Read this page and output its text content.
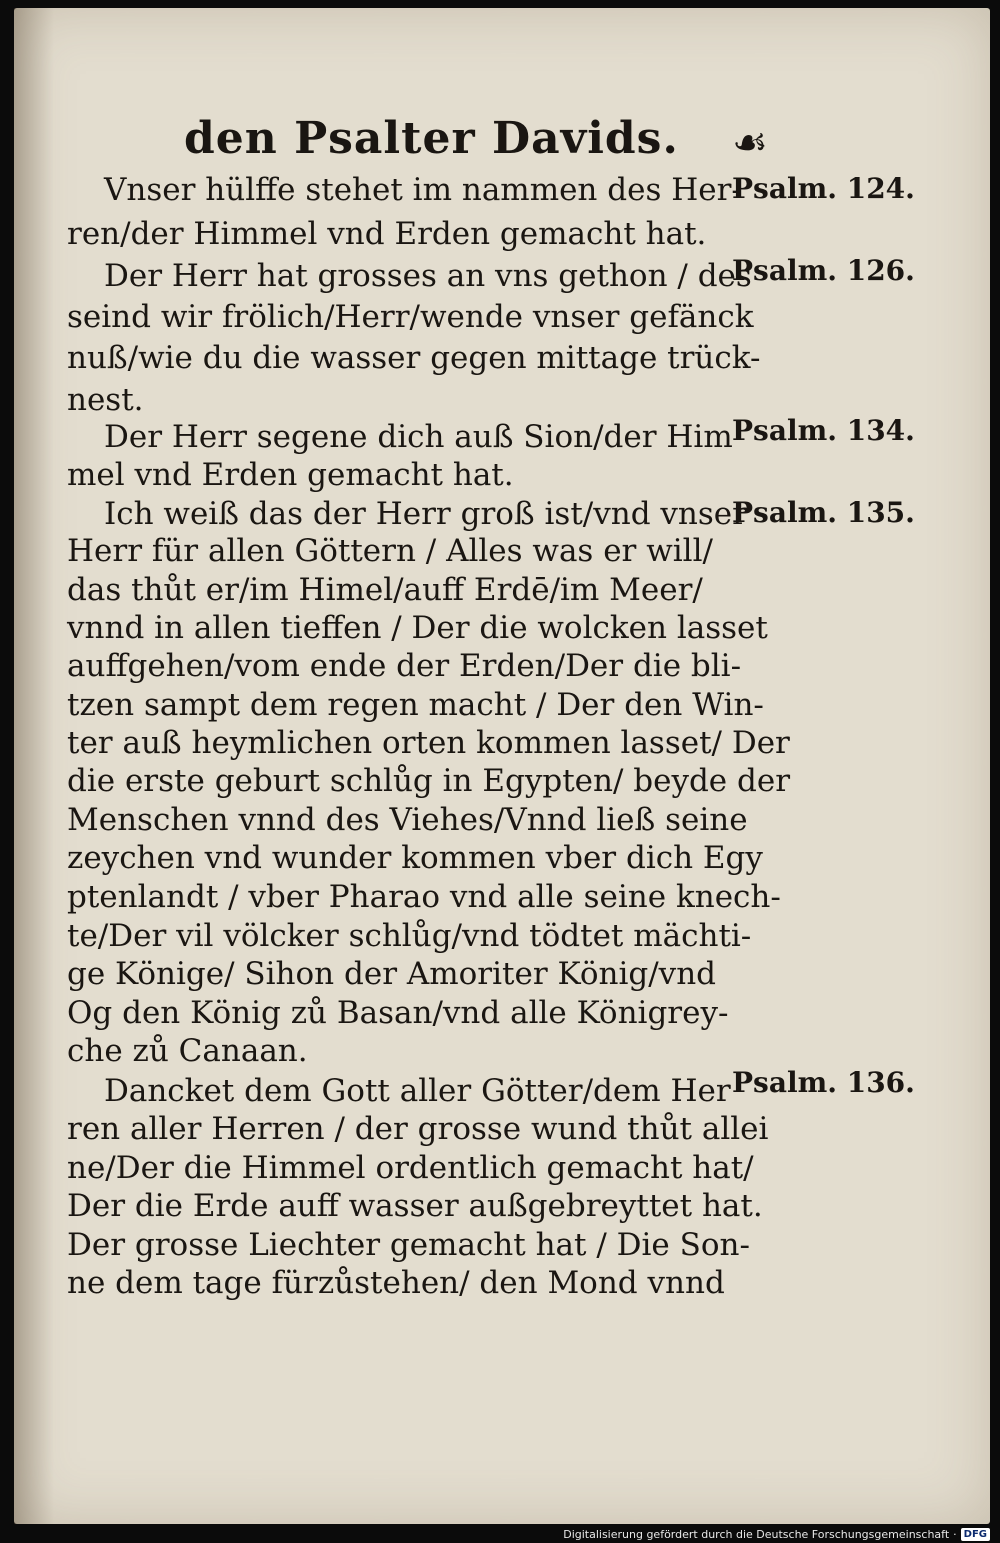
den Psalter Davids. ☙
Vnser hülffe stehet im nammen des Her-
ren/der Himmel vnd Erden gemacht hat.
Der Herr hat grosses an vns gethon / des
seind wir frölich/Herr/wende vnser gefänck
nuß/wie du die wasser gegen mittage trück-
nest.
Der Herr segene dich auß Sion/der Him
mel vnd Erden gemacht hat.
Ich weiß das der Herr groß ist/vnd vnser
Herr für allen Göttern / Alles was er will/
das thůt er/im Himel/auff Erdē/im Meer/
vnnd in allen tieffen / Der die wolcken lasset
auffgehen/vom ende der Erden/Der die bli-
tzen sampt dem regen macht / Der den Win-
ter auß heymlichen orten kommen lasset/ Der
die erste geburt schlůg in Egypten/ beyde der
Menschen vnnd des Viehes/Vnnd ließ seine
zeychen vnd wunder kommen vber dich Egy
ptenlandt / vber Pharao vnd alle seine knech-
te/Der vil völcker schlůg/vnd tödtet mächti-
ge Könige/ Sihon der Amoriter König/vnd
Og den König zů Basan/vnd alle Königrey-
che zů Canaan.
Dancket dem Gott aller Götter/dem Her
ren aller Herren / der grosse wund thůt allei
ne/Der die Himmel ordentlich gemacht hat/
Der die Erde auff wasser außgebreyttet hat.
Der grosse Liechter gemacht hat / Die Son-
ne dem tage fürzůstehen/ den Mond vnnd
Psalm. 124.
Psalm. 126.
Psalm. 134.
Psalm. 135.
Psalm. 136.
Digitalisierung gefördert durch die Deutsche Forschungsgemeinschaft · DFG
